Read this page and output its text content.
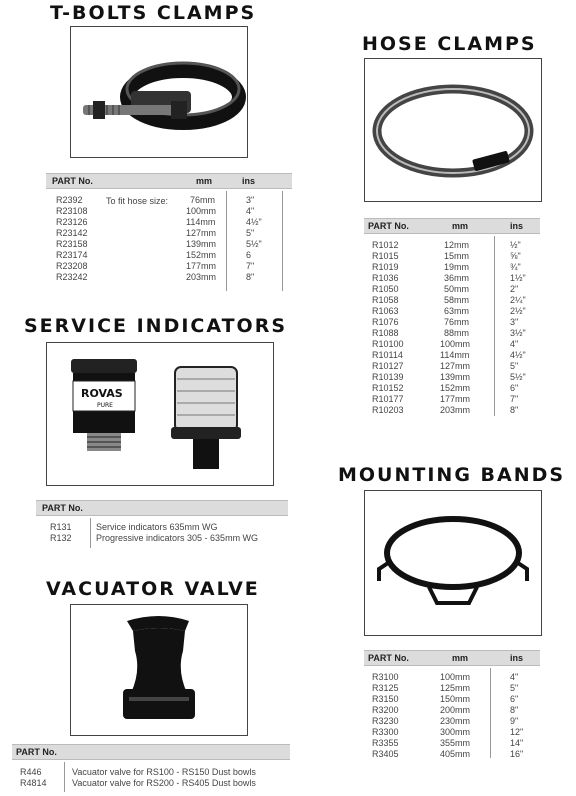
T-BOLTS CLAMPS
PART No.	mm	ins
To fit hose size:
R2392	76mm	3"
R23108	100mm	4"
R23126	114mm	4½"
R23142	127mm	5"
R23158	139mm	5½"
R23174	152mm	6
R23208	177mm	7"
R23242	203mm	8"
HOSE CLAMPS
PART No.	mm	ins
R1012	12mm	½"
R1015	15mm	⅝"
R1019	19mm	¾"
R1036	36mm	1½"
R1050	50mm	2"
R1058	58mm	2¼"
R1063	63mm	2½"
R1076	76mm	3"
R1088	88mm	3½"
R10100	100mm	4"
R10114	114mm	4½"
R10127	127mm	5"
R10139	139mm	5½"
R10152	152mm	6"
R10177	177mm	7"
R10203	203mm	8"
SERVICE INDICATORS
ROVAS
PURE
PART No.
R131	Service indicators 635mm WG
R132	Progressive indicators 305 - 635mm WG
MOUNTING BANDS
PART No.	mm	ins
R3100	100mm	4"
R3125	125mm	5"
R3150	150mm	6"
R3200	200mm	8"
R3230	230mm	9"
R3300	300mm	12"
R3355	355mm	14"
R3405	405mm	16"
VACUATOR VALVE
PART No.
R446	Vacuator valve for RS100 - RS150 Dust bowls
R4814	Vacuator valve for RS200 - RS405 Dust bowls
